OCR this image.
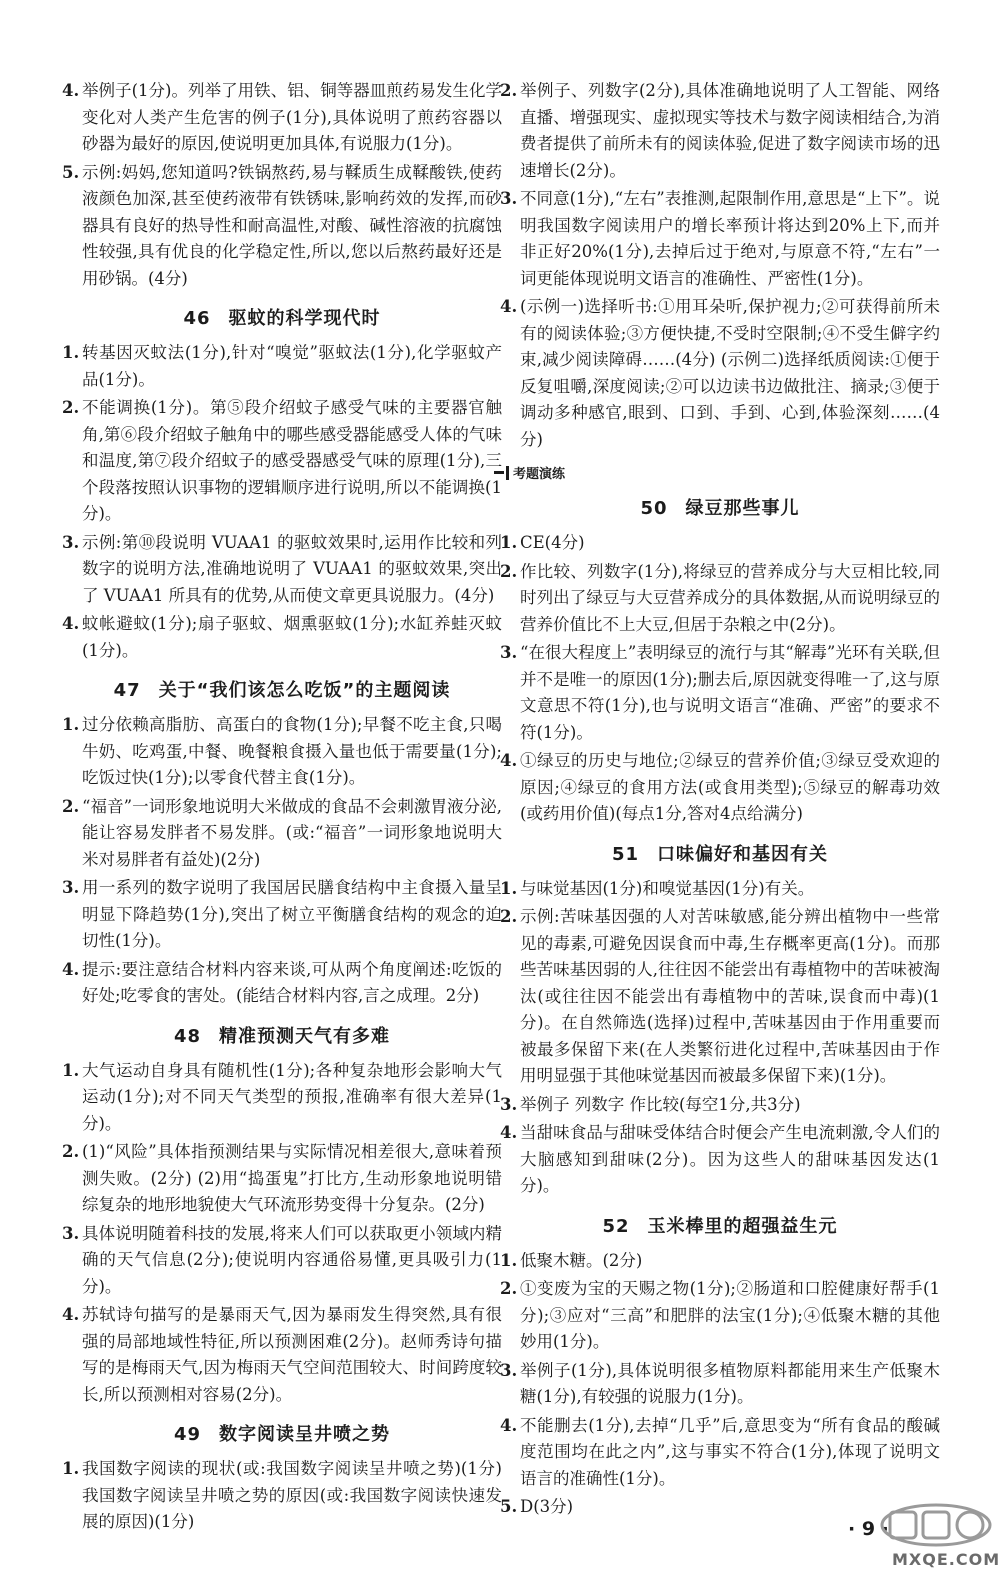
4. 举例子(1分)。列举了用铁、铝、铜等器皿煎药易发生化学变化对人类产生危害的例子(1分),具体说明了煎药容器以砂器为最好的原因,使说明更加具体,有说服力(1分)。
5. 示例:妈妈,您知道吗?铁锅熬药,易与鞣质生成鞣酸铁,使药液颜色加深,甚至使药液带有铁锈味,影响药效的发挥,而砂器具有良好的热导性和耐高温性,对酸、碱性溶液的抗腐蚀性较强,具有优良的化学稳定性,所以,您以后熬药最好还是用砂锅。(4分)
46 驱蚊的科学现代时
1. 转基因灭蚊法(1分),针对“嗅觉”驱蚊法(1分),化学驱蚊产品(1分)。
2. 不能调换(1分)。第⑤段介绍蚊子感受气味的主要器官触角,第⑥段介绍蚊子触角中的哪些感受器能感受人体的气味和温度,第⑦段介绍蚊子的感受器感受气味的原理(1分),三个段落按照认识事物的逻辑顺序进行说明,所以不能调换(1分)。
3. 示例:第⑩段说明 VUAA1 的驱蚊效果时,运用作比较和列数字的说明方法,准确地说明了 VUAA1 的驱蚊效果,突出了 VUAA1 所具有的优势,从而使文章更具说服力。(4分)
4. 蚊帐避蚊(1分);扇子驱蚊、烟熏驱蚊(1分);水缸养蛙灭蚊(1分)。
47 关于“我们该怎么吃饭”的主题阅读
1. 过分依赖高脂肪、高蛋白的食物(1分);早餐不吃主食,只喝牛奶、吃鸡蛋,中餐、晚餐粮食摄入量也低于需要量(1分);吃饭过快(1分);以零食代替主食(1分)。
2. “福音”一词形象地说明大米做成的食品不会刺激胃液分泌,能让容易发胖者不易发胖。(或:“福音”一词形象地说明大米对易胖者有益处)(2分)
3. 用一系列的数字说明了我国居民膳食结构中主食摄入量呈明显下降趋势(1分),突出了树立平衡膳食结构的观念的迫切性(1分)。
4. 提示:要注意结合材料内容来谈,可从两个角度阐述:吃饭的好处;吃零食的害处。(能结合材料内容,言之成理。2分)
48 精准预测天气有多难
1. 大气运动自身具有随机性(1分);各种复杂地形会影响大气运动(1分);对不同天气类型的预报,准确率有很大差异(1分)。
2. (1)“风险”具体指预测结果与实际情况相差很大,意味着预测失败。(2分) (2)用“捣蛋鬼”打比方,生动形象地说明错综复杂的地形地貌使大气环流形势变得十分复杂。(2分)
3. 具体说明随着科技的发展,将来人们可以获取更小领域内精确的天气信息(2分);使说明内容通俗易懂,更具吸引力(1分)。
4. 苏轼诗句描写的是暴雨天气,因为暴雨发生得突然,具有很强的局部地域性特征,所以预测困难(2分)。赵师秀诗句描写的是梅雨天气,因为梅雨天气空间范围较大、时间跨度较长,所以预测相对容易(2分)。
49 数字阅读呈井喷之势
1. 我国数字阅读的现状(或:我国数字阅读呈井喷之势)(1分) 我国数字阅读呈井喷之势的原因(或:我国数字阅读快速发展的原因)(1分)
2. 举例子、列数字(2分),具体准确地说明了人工智能、网络直播、增强现实、虚拟现实等技术与数字阅读相结合,为消费者提供了前所未有的阅读体验,促进了数字阅读市场的迅速增长(2分)。
3. 不同意(1分),“左右”表推测,起限制作用,意思是“上下”。说明我国数字阅读用户的增长率预计将达到20%上下,而并非正好20%(1分),去掉后过于绝对,与原意不符,“左右”一词更能体现说明文语言的准确性、严密性(1分)。
4. (示例一)选择听书:①用耳朵听,保护视力;②可获得前所未有的阅读体验;③方便快捷,不受时空限制;④不受生僻字约束,减少阅读障碍……(4分) (示例二)选择纸质阅读:①便于反复咀嚼,深度阅读;②可以边读书边做批注、摘录;③便于调动多种感官,眼到、口到、手到、心到,体验深刻……(4分)
考题演练
50 绿豆那些事儿
1. CE(4分)
2. 作比较、列数字(1分),将绿豆的营养成分与大豆相比较,同时列出了绿豆与大豆营养成分的具体数据,从而说明绿豆的营养价值比不上大豆,但居于杂粮之中(2分)。
3. “在很大程度上”表明绿豆的流行与其“解毒”光环有关联,但并不是唯一的原因(1分);删去后,原因就变得唯一了,这与原文意思不符(1分),也与说明文语言“准确、严密”的要求不符(1分)。
4. ①绿豆的历史与地位;②绿豆的营养价值;③绿豆受欢迎的原因;④绿豆的食用方法(或食用类型);⑤绿豆的解毒功效(或药用价值)(每点1分,答对4点给满分)
51 口味偏好和基因有关
1. 与味觉基因(1分)和嗅觉基因(1分)有关。
2. 示例:苦味基因强的人对苦味敏感,能分辨出植物中一些常见的毒素,可避免因误食而中毒,生存概率更高(1分)。而那些苦味基因弱的人,往往因不能尝出有毒植物中的苦味被淘汰(或往往因不能尝出有毒植物中的苦味,误食而中毒)(1分)。在自然筛选(选择)过程中,苦味基因由于作用重要而被最多保留下来(在人类繁衍进化过程中,苦味基因由于作用明显强于其他味觉基因而被最多保留下来)(1分)。
3. 举例子 列数字 作比较(每空1分,共3分)
4. 当甜味食品与甜味受体结合时便会产生电流刺激,令人们的大脑感知到甜味(2分)。因为这些人的甜味基因发达(1分)。
52 玉米棒里的超强益生元
1. 低聚木糖。(2分)
2. ①变废为宝的天赐之物(1分);②肠道和口腔健康好帮手(1分);③应对“三高”和肥胖的法宝(1分);④低聚木糖的其他妙用(1分)。
3. 举例子(1分),具体说明很多植物原料都能用来生产低聚木糖(1分),有较强的说服力(1分)。
4. 不能删去(1分),去掉“几乎”后,意思变为“所有食品的酸碱度范围均在此之内”,这与事实不符合(1分),体现了说明文语言的准确性(1分)。
5. D(3分)
· 9 ·
MXQE.COM
